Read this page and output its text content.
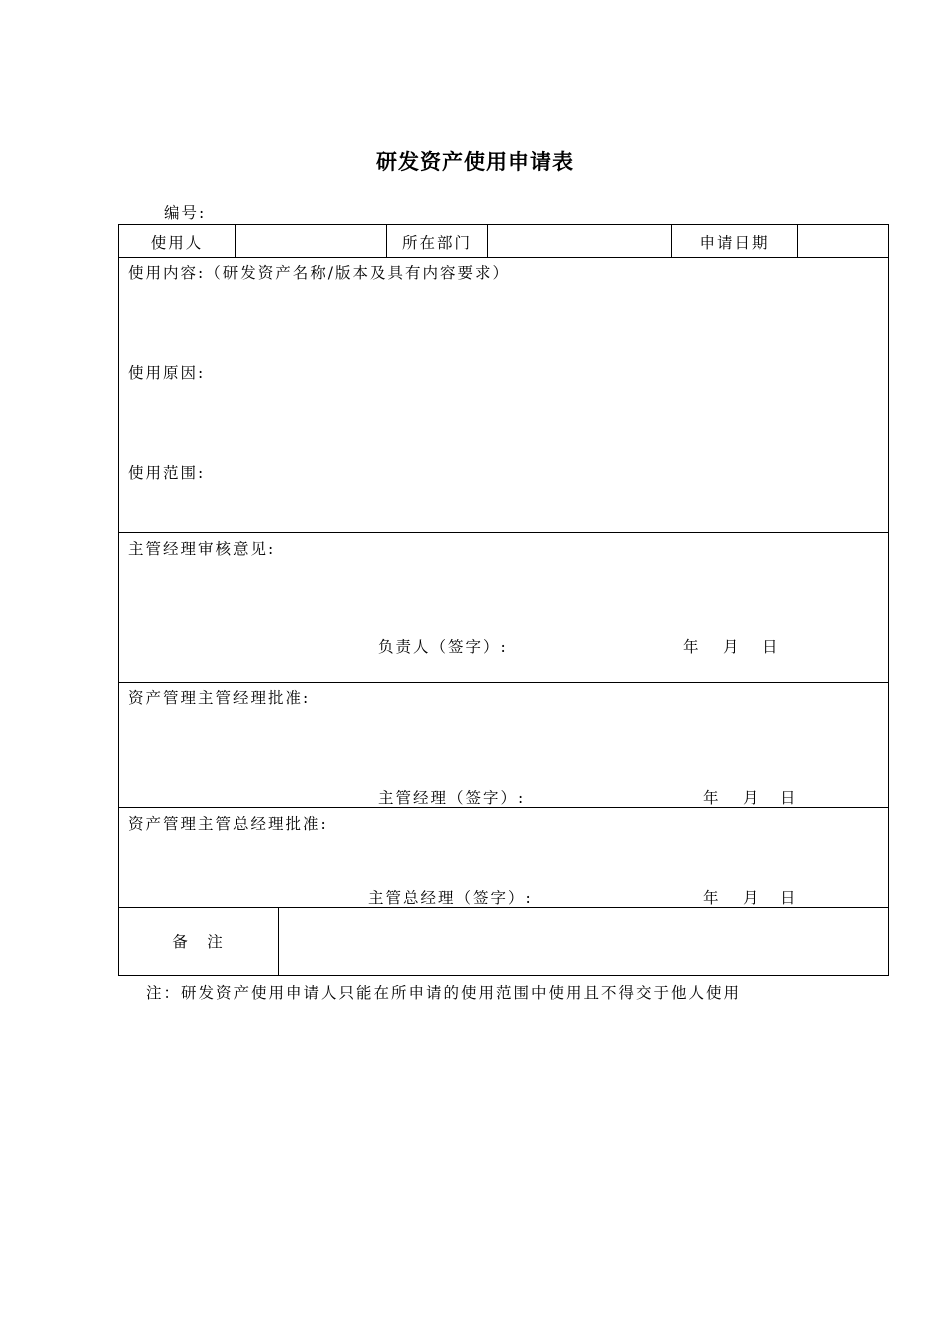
研发资产使用申请表
编号:
使用人	所在部门	申请日期
使用内容:（研发资产名称/版本及具有内容要求）
使用原因:
使用范围:
主管经理审核意见:
负责人（签字）:	年 月 日
资产管理主管经理批准:
主管经理（签字）:	年 月 日
资产管理主管总经理批准:
主管总经理（签字）:	年 月 日
备　注
注：研发资产使用申请人只能在所申请的使用范围中使用且不得交于他人使用
